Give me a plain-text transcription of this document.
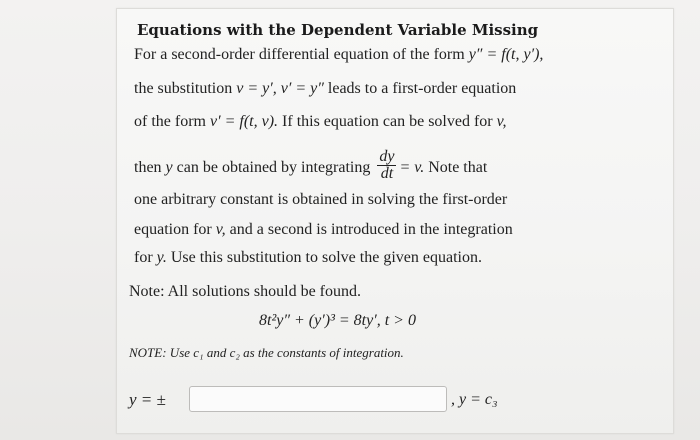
Equations with the Dependent Variable Missing
For a second-order differential equation of the form y″ = f(t, y′),
the substitution v = y′, v′ = y″ leads to a first-order equation
of the form v′ = f(t, v). If this equation can be solved for v,
then y can be obtained by integrating $\frac{dy}{dt} = v$. Note that
one arbitrary constant is obtained in solving the first-order
equation for v, and a second is introduced in the integration
for y. Use this substitution to solve the given equation.
Note: All solutions should be found.
8t²y″ + (y′)³ = 8ty′, t > 0
NOTE: Use c₁ and c₂ as the constants of integration.
y = ±	, y = c₃
